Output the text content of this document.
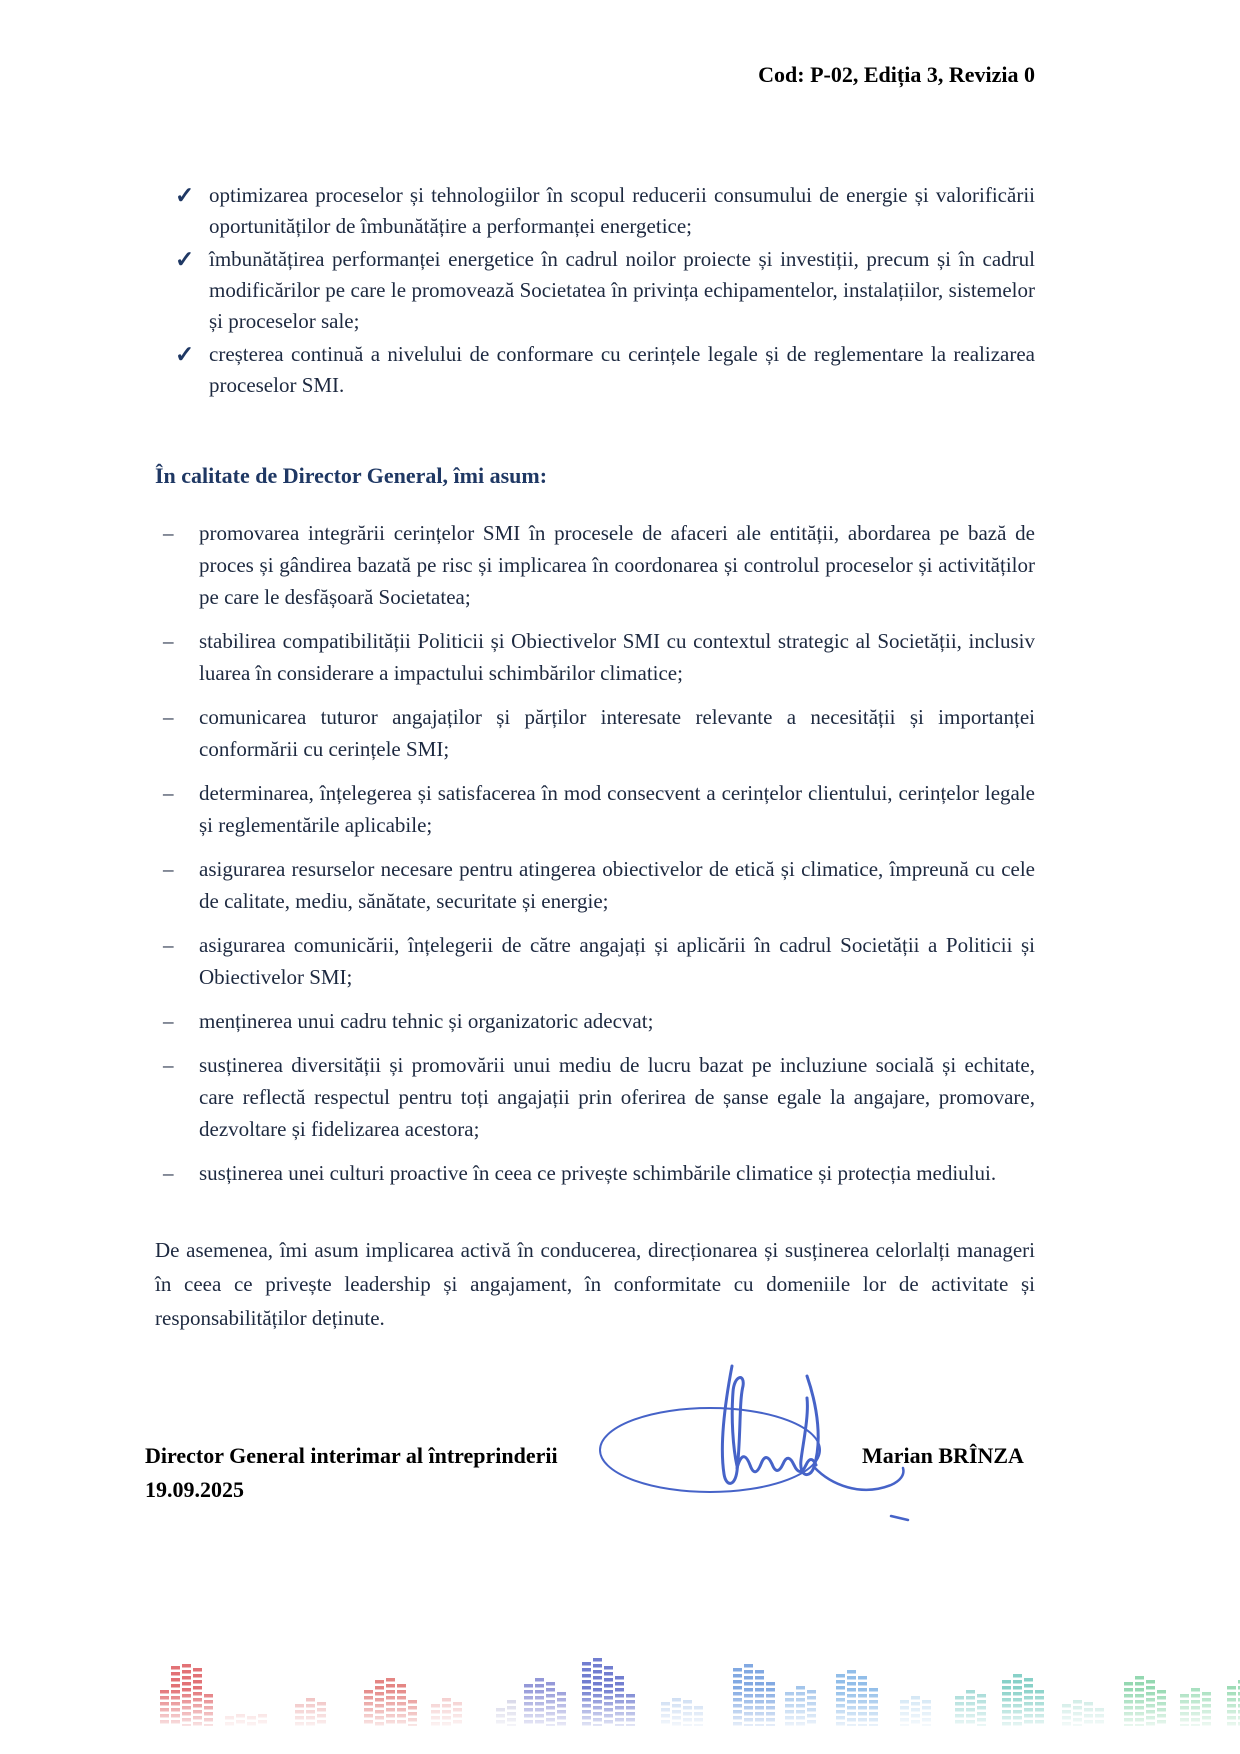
Cod: P-02, Ediția 3, Revizia 0
✓ optimizarea proceselor și tehnologiilor în scopul reducerii consumului de energie și valorificării oportunităților de îmbunătățire a performanței energetice;
✓ îmbunătățirea performanței energetice în cadrul noilor proiecte și investiții, precum și în cadrul modificărilor pe care le promovează Societatea în privința echipamentelor, instalațiilor, sistemelor și proceselor sale;
✓ creșterea continuă a nivelului de conformare cu cerințele legale și de reglementare la realizarea proceselor SMI.
În calitate de Director General, îmi asum:
–	promovarea integrării cerințelor SMI în procesele de afaceri ale entității, abordarea pe bază de proces și gândirea bazată pe risc și implicarea în coordonarea și controlul proceselor și activităților pe care le desfășoară Societatea;
–	stabilirea compatibilității Politicii și Obiectivelor SMI cu contextul strategic al Societății, inclusiv luarea în considerare a impactului schimbărilor climatice;
–	comunicarea tuturor angajaților și părților interesate relevante a necesității și importanței conformării cu cerințele SMI;
–	determinarea, înțelegerea și satisfacerea în mod consecvent a cerințelor clientului, cerințelor legale și reglementările aplicabile;
–	asigurarea resurselor necesare pentru atingerea obiectivelor de etică și climatice, împreună cu cele de calitate, mediu, sănătate, securitate și energie;
–	asigurarea comunicării, înțelegerii de către angajați și aplicării în cadrul Societății a Politicii și Obiectivelor SMI;
–	menținerea unui cadru tehnic și organizatoric adecvat;
–	susținerea diversității și promovării unui mediu de lucru bazat pe incluziune socială și echitate, care reflectă respectul pentru toți angajații prin oferirea de șanse egale la angajare, promovare, dezvoltare și fidelizarea acestora;
–	susținerea unei culturi proactive în ceea ce privește schimbările climatice și protecția mediului.
De asemenea, îmi asum implicarea activă în conducerea, direcționarea și susținerea celorlalți manageri în ceea ce privește leadership și angajament, în conformitate cu domeniile lor de activitate și responsabilităților deținute.
Director General interimar al întreprinderii
19.09.2025
Marian BRÎNZA
